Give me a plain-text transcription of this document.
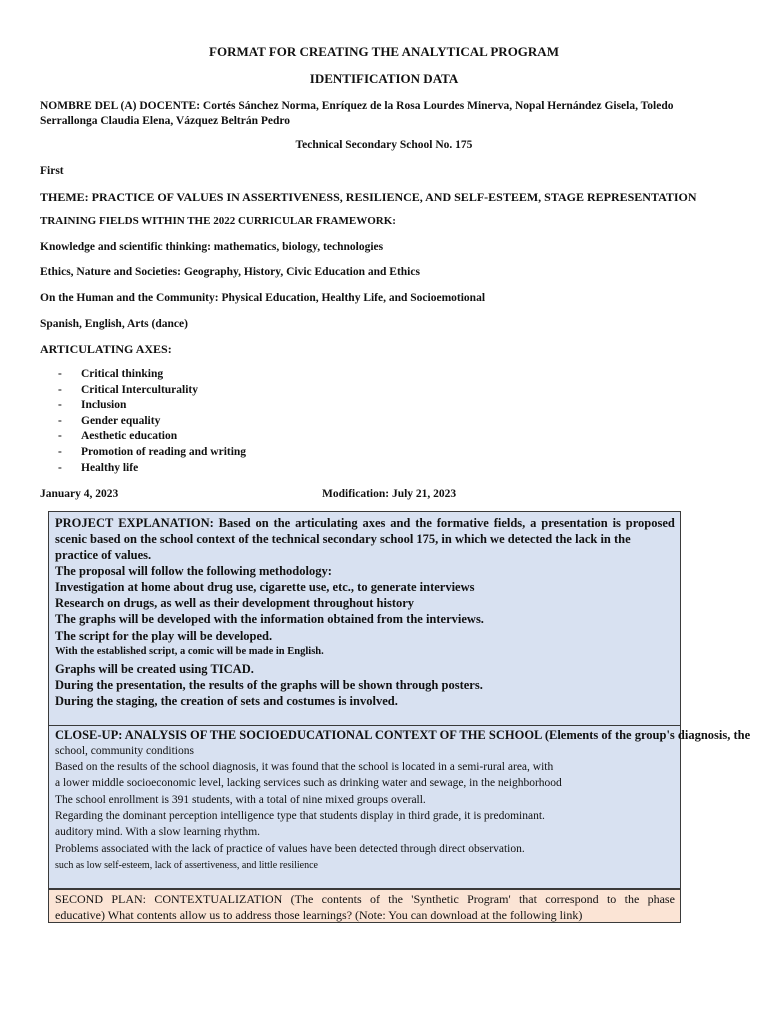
FORMAT FOR CREATING THE ANALYTICAL PROGRAM
IDENTIFICATION DATA
NOMBRE DEL (A) DOCENTE: Cortés Sánchez Norma, Enríquez de la Rosa Lourdes Minerva, Nopal Hernández Gisela, Toledo
Serrallonga Claudia Elena, Vázquez Beltrán Pedro
Technical Secondary School No. 175
First
THEME: PRACTICE OF VALUES IN ASSERTIVENESS, RESILIENCE, AND SELF-ESTEEM, STAGE REPRESENTATION
TRAINING FIELDS WITHIN THE 2022 CURRICULAR FRAMEWORK:
Knowledge and scientific thinking: mathematics, biology, technologies
Ethics, Nature and Societies: Geography, History, Civic Education and Ethics
On the Human and the Community: Physical Education, Healthy Life, and Socioemotional
Spanish, English, Arts (dance)
ARTICULATING AXES:
-	Critical thinking
-	Critical Interculturality
-	Inclusion
-	Gender equality
-	Aesthetic education
-	Promotion of reading and writing
-	Healthy life
January 4, 2023	Modification: July 21, 2023
PROJECT EXPLANATION: Based on the articulating axes and the formative fields, a presentation is proposed
scenic based on the school context of the technical secondary school 175, in which we detected the lack in the
practice of values.
The proposal will follow the following methodology:
Investigation at home about drug use, cigarette use, etc., to generate interviews
Research on drugs, as well as their development throughout history
The graphs will be developed with the information obtained from the interviews.
The script for the play will be developed.
With the established script, a comic will be made in English.
Graphs will be created using TICAD.
During the presentation, the results of the graphs will be shown through posters.
During the staging, the creation of sets and costumes is involved.
CLOSE-UP: ANALYSIS OF THE SOCIOEDUCATIONAL CONTEXT OF THE SCHOOL (Elements of the group's diagnosis, the
school, community conditions
Based on the results of the school diagnosis, it was found that the school is located in a semi-rural area, with
a lower middle socioeconomic level, lacking services such as drinking water and sewage, in the neighborhood
The school enrollment is 391 students, with a total of nine mixed groups overall.
Regarding the dominant perception intelligence type that students display in third grade, it is predominant.
auditory mind. With a slow learning rhythm.
Problems associated with the lack of practice of values have been detected through direct observation.
such as low self-esteem, lack of assertiveness, and little resilience
SECOND PLAN: CONTEXTUALIZATION (The contents of the 'Synthetic Program' that correspond to the phase
educative) What contents allow us to address those learnings? (Note: You can download at the following link)
